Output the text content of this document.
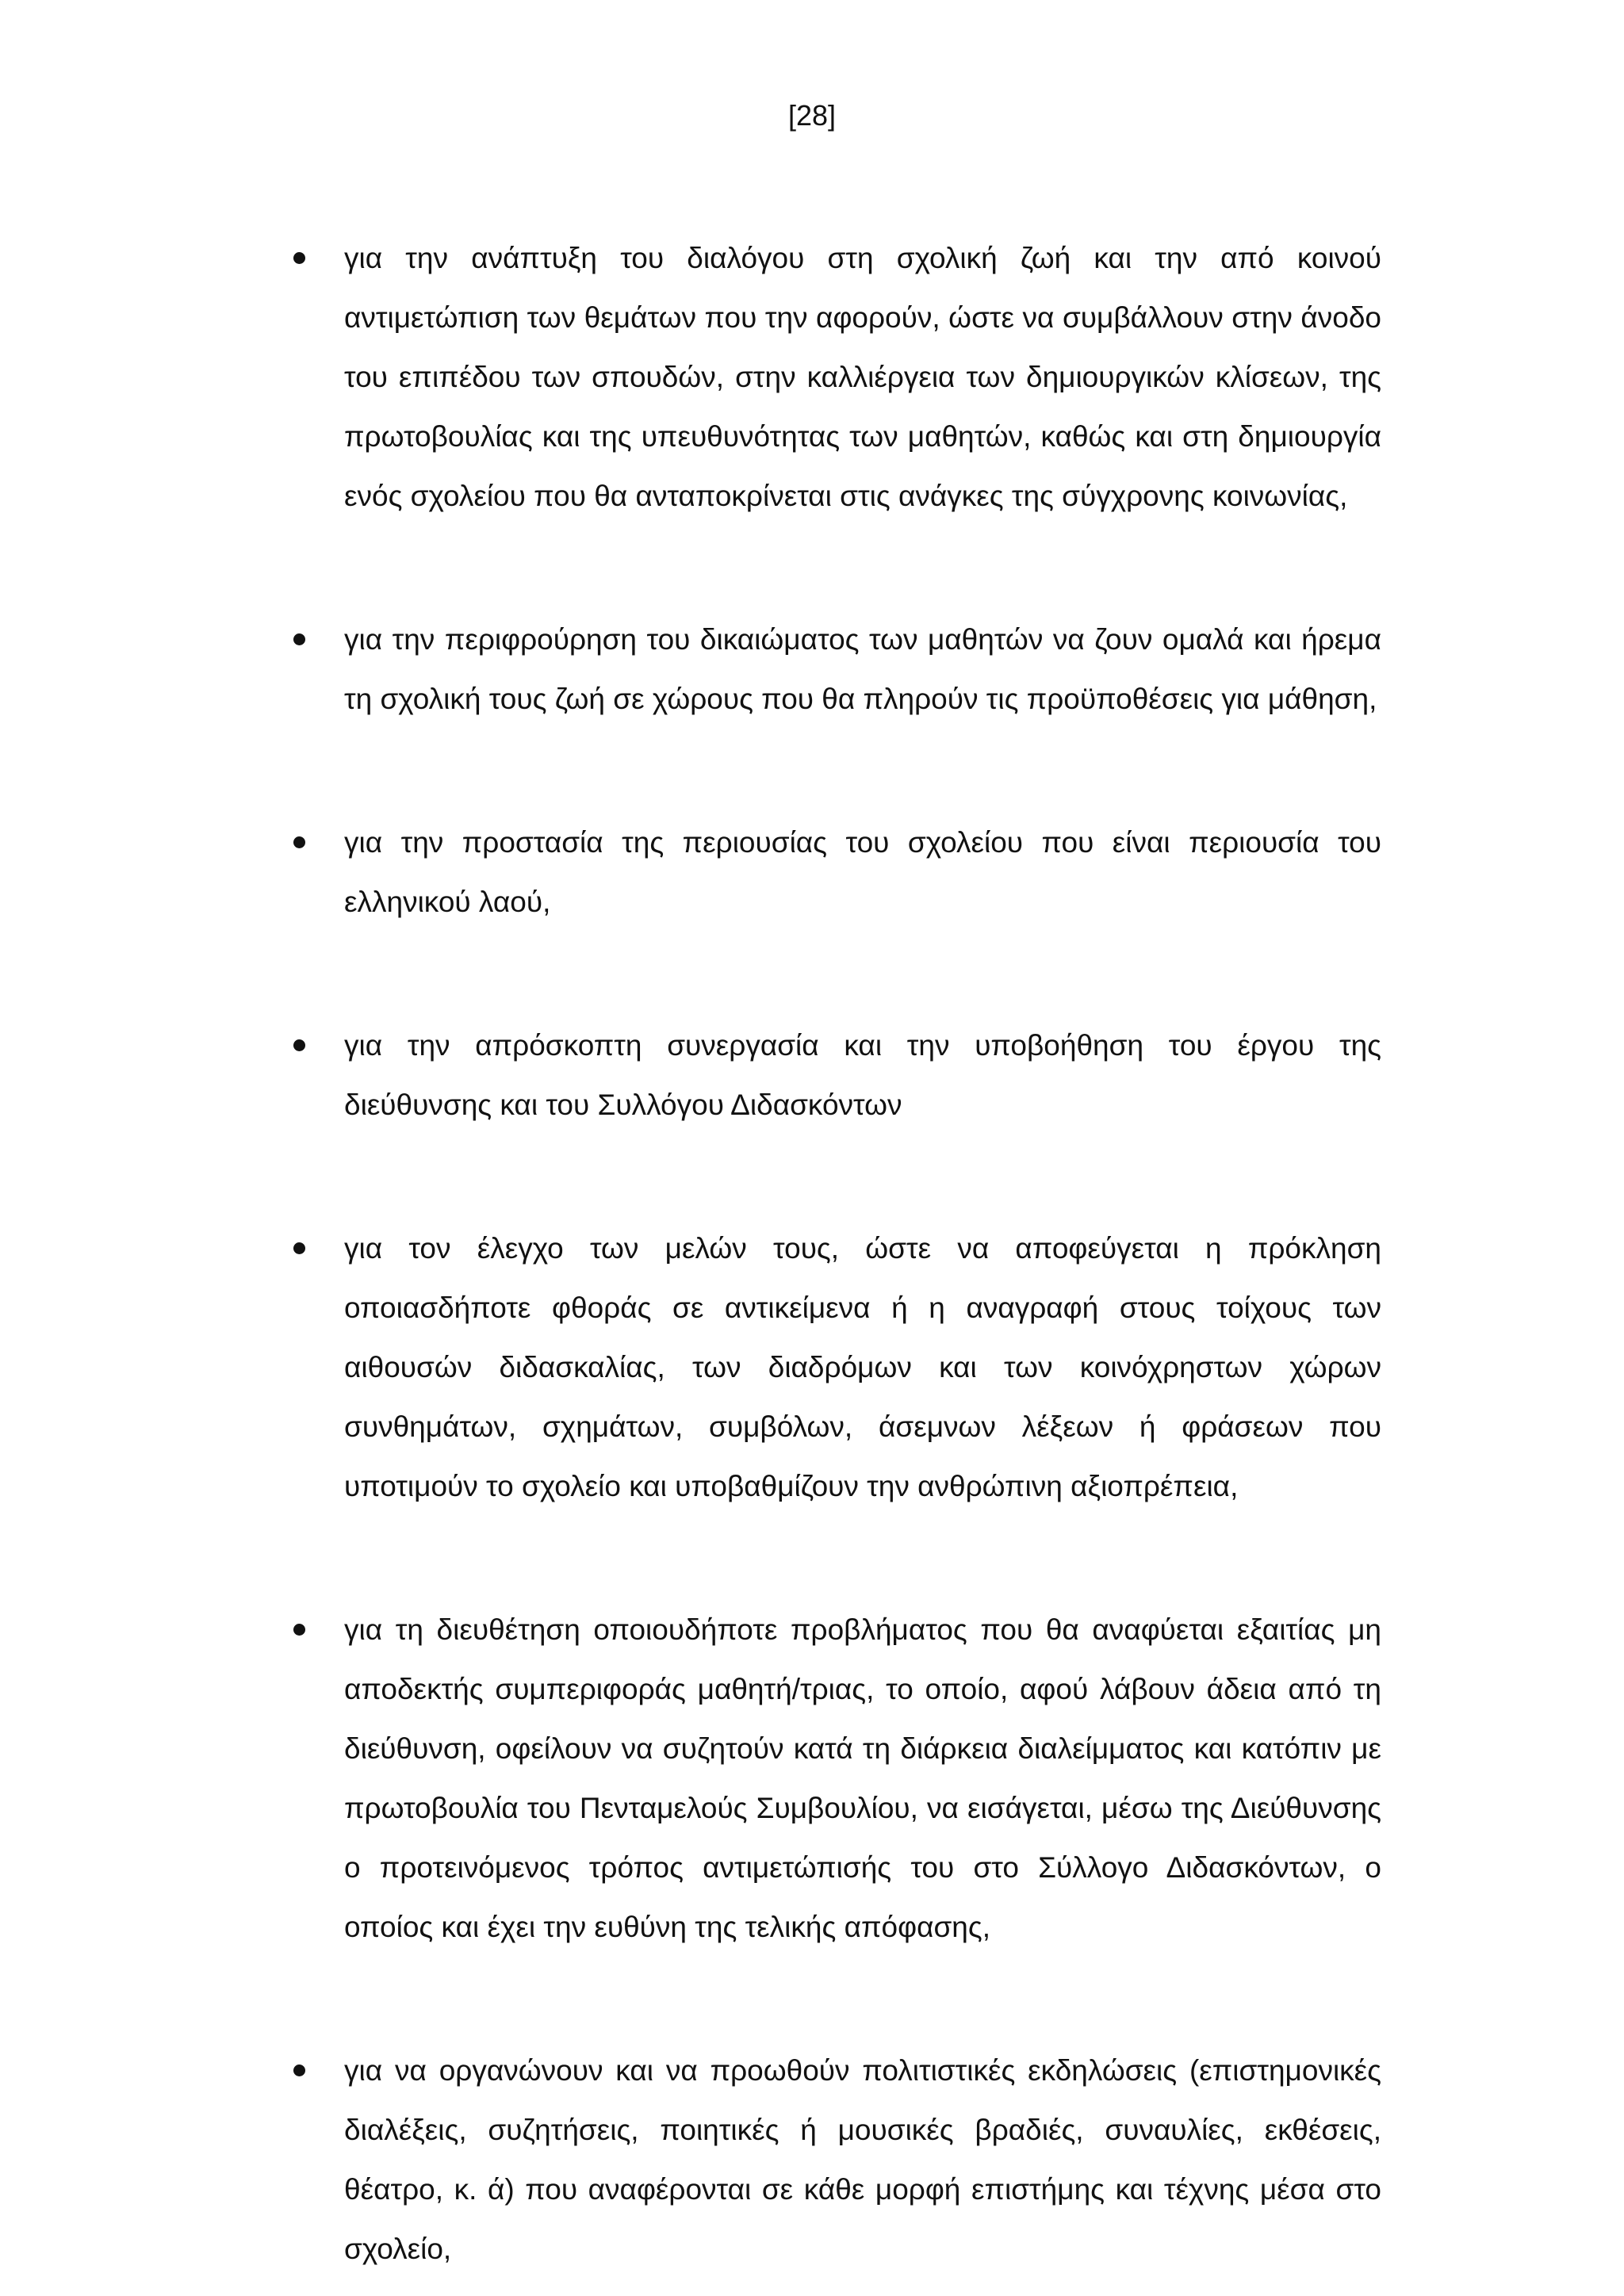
[28]
για την ανάπτυξη του διαλόγου στη σχολική ζωή και την από κοινού αντιμετώπιση των θεμάτων που την αφορούν, ώστε να συμβάλλουν στην άνοδο του επιπέδου των σπουδών, στην καλλιέργεια των δημιουργικών κλίσεων, της πρωτοβουλίας και της υπευθυνότητας των μαθητών, καθώς και στη δημιουργία ενός σχολείου που θα ανταποκρίνεται στις ανάγκες της σύγχρονης κοινωνίας,
για την περιφρούρηση του δικαιώματος των μαθητών να ζουν ομαλά και ήρεμα τη σχολική τους ζωή σε χώρους που θα πληρούν τις προϋποθέσεις για μάθηση,
για την προστασία της περιουσίας του σχολείου που είναι περιουσία του ελληνικού λαού,
για την απρόσκοπτη συνεργασία και την υποβοήθηση του έργου της διεύθυνσης και του Συλλόγου Διδασκόντων
για τον έλεγχο των μελών τους, ώστε να αποφεύγεται η πρόκληση οποιασδήποτε φθοράς σε αντικείμενα ή η αναγραφή στους τοίχους των αιθουσών διδασκαλίας, των διαδρόμων και των κοινόχρηστων χώρων συνθημάτων, σχημάτων, συμβόλων, άσεμνων λέξεων ή φράσεων που υποτιμούν το σχολείο και υποβαθμίζουν την ανθρώπινη αξιοπρέπεια,
για τη διευθέτηση οποιουδήποτε προβλήματος που θα αναφύεται εξαιτίας μη αποδεκτής συμπεριφοράς μαθητή/τριας, το οποίο, αφού λάβουν άδεια από τη διεύθυνση, οφείλουν να συζητούν κατά τη διάρκεια διαλείμματος και κατόπιν με πρωτοβουλία του Πενταμελούς Συμβουλίου, να εισάγεται, μέσω της Διεύθυνσης ο προτεινόμενος τρόπος αντιμετώπισής του στο Σύλλογο Διδασκόντων, ο οποίος και έχει την ευθύνη της τελικής απόφασης,
για να οργανώνουν και να προωθούν πολιτιστικές εκδηλώσεις (επιστημονικές διαλέξεις, συζητήσεις, ποιητικές ή μουσικές βραδιές, συναυλίες, εκθέσεις, θέατρο, κ. ά) που αναφέρονται σε κάθε μορφή επιστήμης και τέχνης μέσα στο σχολείο,
